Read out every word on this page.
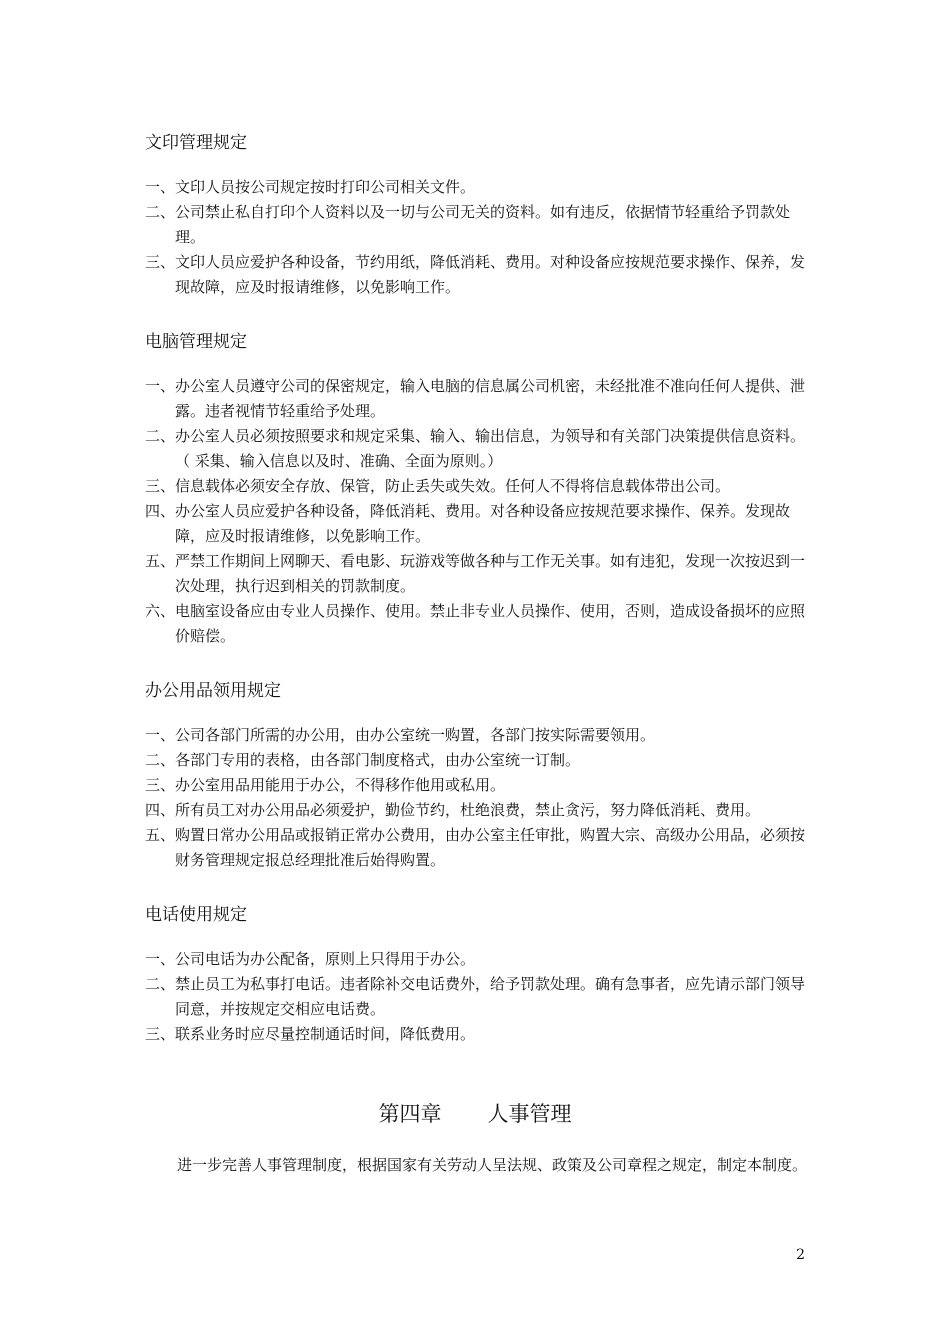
文印管理规定
一、 文印人员按公司规定按时打印公司相关文件。
二、 公司禁止私自打印个人资料以及一切与公司无关的资料。如有违反，依据情节轻重给予罚款处理。
三、 文印人员应爱护各种设备，节约用纸，降低消耗、费用。对种设备应按规范要求操作、保养，发现故障，应及时报请维修，以免影响工作。
电脑管理规定
一、 办公室人员遵守公司的保密规定，输入电脑的信息属公司机密，未经批准不准向任何人提供、泄露。违者视情节轻重给予处理。
二、 办公室人员必须按照要求和规定采集、输入、输出信息，为领导和有关部门决策提供信息资料。（ 采集、输入信息以及时、准确、全面为原则。）
三、 信息载体必须安全存放、保管，防止丢失或失效。任何人不得将信息载体带出公司。
四、 办公室人员应爱护各种设备，降低消耗、费用。对各种设备应按规范要求操作、保养。发现故障，应及时报请维修，以免影响工作。
五、 严禁工作期间上网聊天、看电影、玩游戏等做各种与工作无关事。如有违犯，发现一次按迟到一次处理，执行迟到相关的罚款制度。
六、 电脑室设备应由专业人员操作、使用。禁止非专业人员操作、使用，否则，造成设备损坏的应照价赔偿。
办公用品领用规定
一、 公司各部门所需的办公用，由办公室统一购置，各部门按实际需要领用。
二、 各部门专用的表格，由各部门制度格式，由办公室统一订制。
三、 办公室用品用能用于办公，不得移作他用或私用。
四、 所有员工对办公用品必须爱护，勤俭节约，杜绝浪费，禁止贪污，努力降低消耗、费用。
五、 购置日常办公用品或报销正常办公费用，由办公室主任审批，购置大宗、高级办公用品，必须按财务管理规定报总经理批准后始得购置。
电话使用规定
一、 公司电话为办公配备，原则上只得用于办公。
二、 禁止员工为私事打电话。违者除补交电话费外，给予罚款处理。确有急事者，应先请示部门领导同意，并按规定交相应电话费。
三、 联系业务时应尽量控制通话时间，降低费用。
第四章 人事管理
进一步完善人事管理制度，根据国家有关劳动人呈法规、政策及公司章程之规定，制定本制度。
2
